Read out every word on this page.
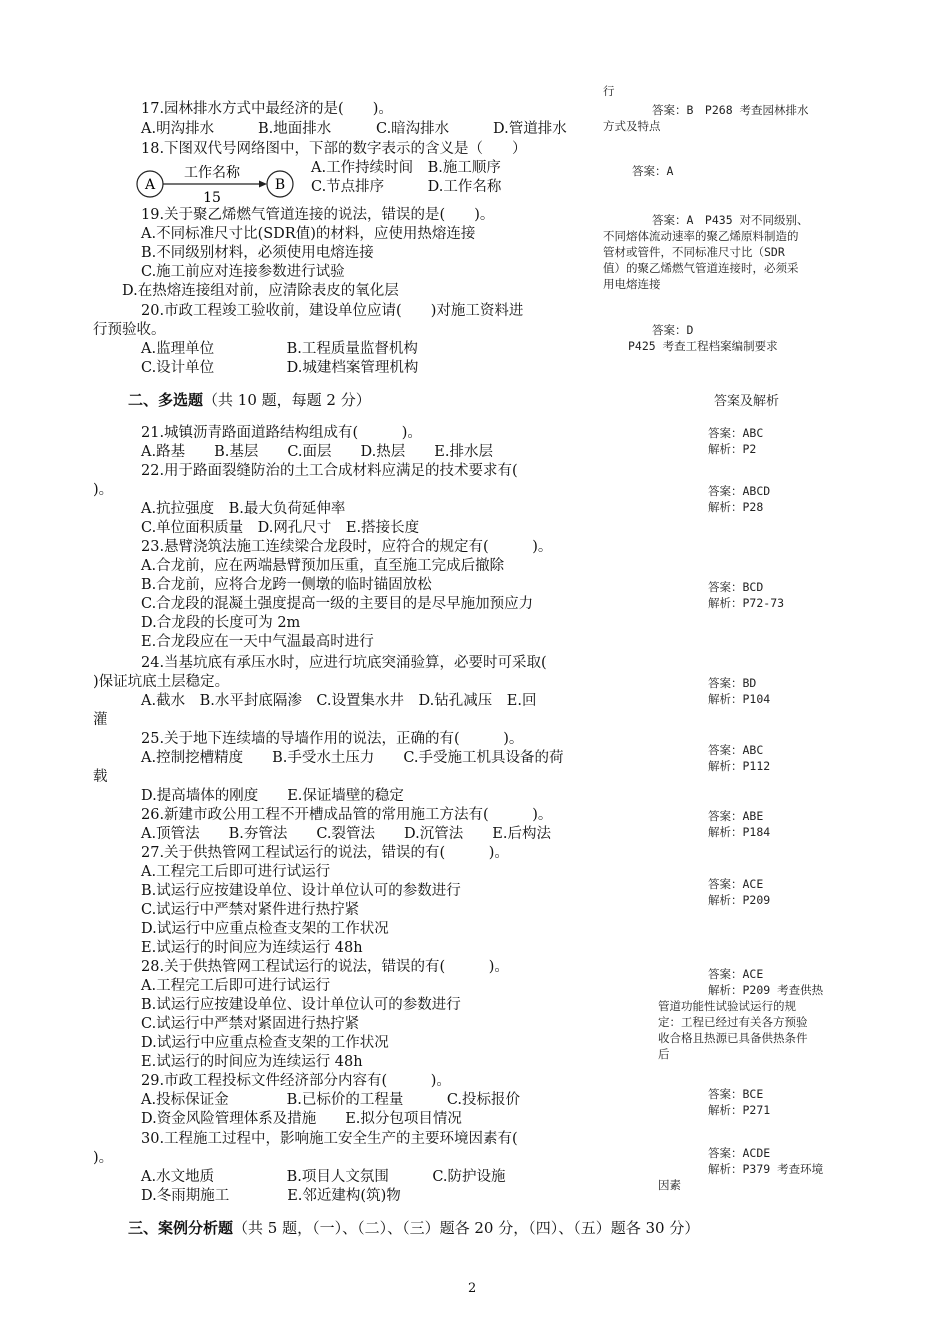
17.园林排水方式中最经济的是(　　)。
A.明沟排水	B.地面排水	C.暗沟排水	D.管道排水
18.下图双代号网络图中，下部的数字表示的含义是（　　）
A	B
工作名称
15
A.工作持续时间　B.施工顺序
C.节点排序　　　D.工作名称
19.关于聚乙烯燃气管道连接的说法，错误的是(　　)。
A.不同标准尺寸比(SDR值)的材料，应使用热熔连接
B.不同级别材料，必须使用电熔连接
C.施工前应对连接参数进行试验
D.在热熔连接组对前，应清除表皮的氧化层
20.市政工程竣工验收前，建设单位应请(　　)对施工资料进
行预验收。
A.监理单位　　　　　B.工程质量监督机构
C.设计单位　　　　　D.城建档案管理机构
二、多选题（共 10 题，每题 2 分）
21.城镇沥青路面道路结构组成有(　　　)。
A.路基　　B.基层　　C.面层　　D.热层　　E.排水层
22.用于路面裂缝防治的土工合成材料应满足的技术要求有(
)。
A.抗拉强度　B.最大负荷延伸率
C.单位面积质量　D.网孔尺寸　E.搭接长度
23.悬臂浇筑法施工连续梁合龙段时，应符合的规定有(　　　)。
A.合龙前，应在两端悬臂预加压重，直至施工完成后撤除
B.合龙前，应将合龙跨一侧墩的临时锚固放松
C.合龙段的混凝土强度提高一级的主要目的是尽早施加预应力
D.合龙段的长度可为 2m
E.合龙段应在一天中气温最高时进行
24.当基坑底有承压水时，应进行坑底突涌验算，必要时可采取(
)保证坑底土层稳定。
A.截水　B.水平封底隔渗　C.设置集水井　D.钻孔减压　E.回
灌
25.关于地下连续墙的导墙作用的说法，正确的有(　　　)。
A.控制挖槽精度　　B.手受水土压力　　C.手受施工机具设备的荷
载
D.提高墙体的刚度　　E.保证墙壁的稳定
26.新建市政公用工程不开槽成品管的常用施工方法有(　　　)。
A.顶管法　　B.夯管法　　C.裂管法　　D.沉管法　　E.后构法
27.关于供热管网工程试运行的说法，错误的有(　　　)。
A.工程完工后即可进行试运行
B.试运行应按建设单位、设计单位认可的参数进行
C.试运行中严禁对紧件进行热拧紧
D.试运行中应重点检查支架的工作状况
E.试运行的时间应为连续运行 48h
28.关于供热管网工程试运行的说法，错误的有(　　　)。
A.工程完工后即可进行试运行
B.试运行应按建设单位、设计单位认可的参数进行
C.试运行中严禁对紧固进行热拧紧
D.试运行中应重点检查支架的工作状况
E.试运行的时间应为连续运行 48h
29.市政工程投标文件经济部分内容有(　　　)。
A.投标保证金　　　　B.已标价的工程量　　　C.投标报价
D.资金风险管理体系及措施　　E.拟分包项目情况
30.工程施工过程中，影响施工安全生产的主要环境因素有(
)。
A.水文地质　　　　　B.项目人文氛围　　　C.防护设施
D.冬雨期施工　　　　E.邻近建构(筑)物
三、案例分析题（共 5 题，（一）、（二）、（三）题各 20 分，（四）、（五）题各 30 分）
行
答案：B　P268 考查园林排水
方式及特点
答案：A
答案：A　P435 对不同级别、
不同熔体流动速率的聚乙烯原料制造的
管材或管件，不同标准尺寸比（SDR
值）的聚乙烯燃气管道连接时，必须采
用电熔连接
答案：D
P425 考查工程档案编制要求
答案及解析
答案：ABC
解析：P2
答案：ABCD
解析：P28
答案：BCD
解析：P72-73
答案：BD
解析：P104
答案：ABC
解析：P112
答案：ABE
解析：P184
答案：ACE
解析：P209
答案：ACE
解析：P209 考查供热
管道功能性试验试运行的规
定：工程已经过有关各方预验
收合格且热源已具备供热条件
后
答案：BCE
解析：P271
答案：ACDE
解析：P379 考查环境
因素
2
